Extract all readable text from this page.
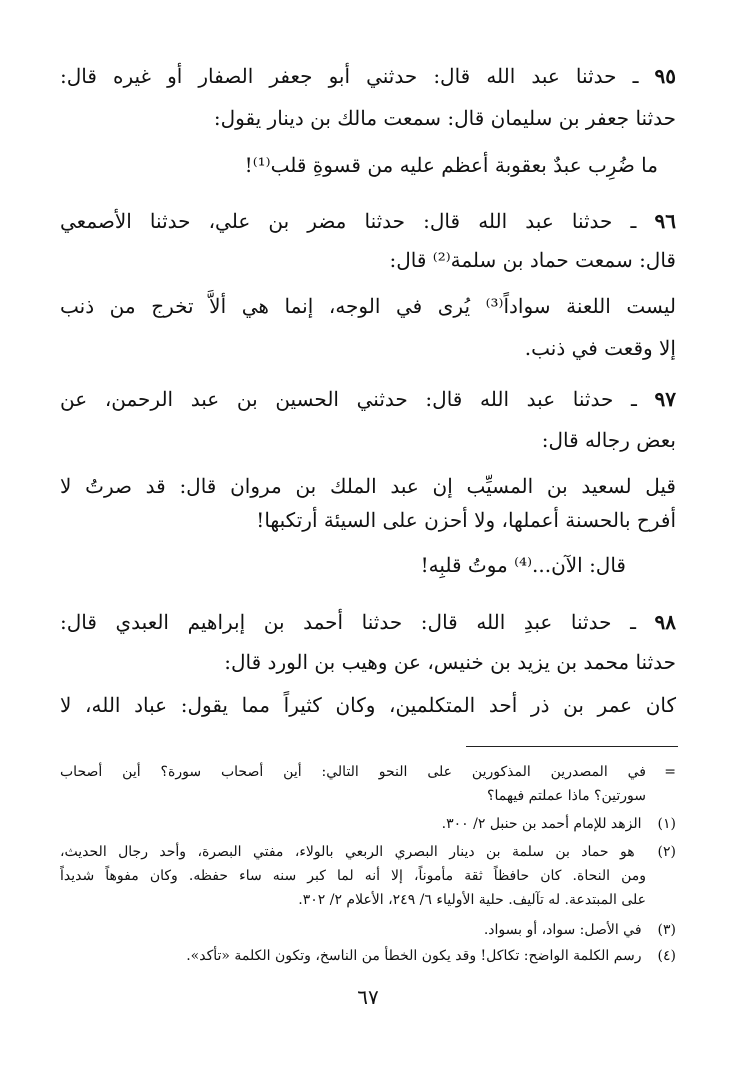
٩٥ ـ حدثنا عبد الله قال: حدثني أبو جعفر الصفار أو غيره قال:
حدثنا جعفر بن سليمان قال: سمعت مالك بن دينار يقول:
ما ضُرِب عبدٌ بعقوبة أعظم عليه من قسوةِ قلب⁽¹⁾!
٩٦ ـ حدثنا عبد الله قال: حدثنا مضر بن علي، حدثنا الأصمعي
قال: سمعت حماد بن سلمة⁽²⁾ قال:
ليست اللعنة سواداً⁽³⁾ يُرى في الوجه، إنما هي ألاَّ تخرج من ذنب
إلا وقعت في ذنب.
٩٧ ـ حدثنا عبد الله قال: حدثني الحسين بن عبد الرحمن، عن
بعض رجاله قال:
قيل لسعيد بن المسيِّب إن عبد الملك بن مروان قال: قد صرتُ لا
أفرح بالحسنة أعملها، ولا أحزن على السيئة أرتكبها!
قال: الآن...⁽⁴⁾ موتُ قلبِه!
٩٨ ـ حدثنا عبدِ الله قال: حدثنا أحمد بن إبراهيم العبدي قال:
حدثنا محمد بن يزيد بن خنيس، عن وهيب بن الورد قال:
كان عمر بن ذر أحد المتكلمين، وكان كثيراً مما يقول: عباد الله، لا
=في المصدرين المذكورين على النحو التالي: أين أصحاب سورة؟ أين أصحاب
سورتين؟ ماذا عملتم فيهما؟
(١) الزهد للإمام أحمد بن حنبل ٢/ ٣٠٠.
(٢) هو حماد بن سلمة بن دينار البصري الربعي بالولاء، مفتي البصرة، وأحد رجال الحديث،
ومن النحاة. كان حافظاً ثقة مأموناً، إلا أنه لما كبر سنه ساء حفظه. وكان مفوهاً شديداً
على المبتدعة. له تآليف. حلية الأولياء ٦/ ٢٤٩، الأعلام ٢/ ٣٠٢.
(٣) في الأصل: سواد، أو بسواد.
(٤) رسم الكلمة الواضح: تكاكل! وقد يكون الخطأ من الناسخ، وتكون الكلمة «تأكد».
٦٧
